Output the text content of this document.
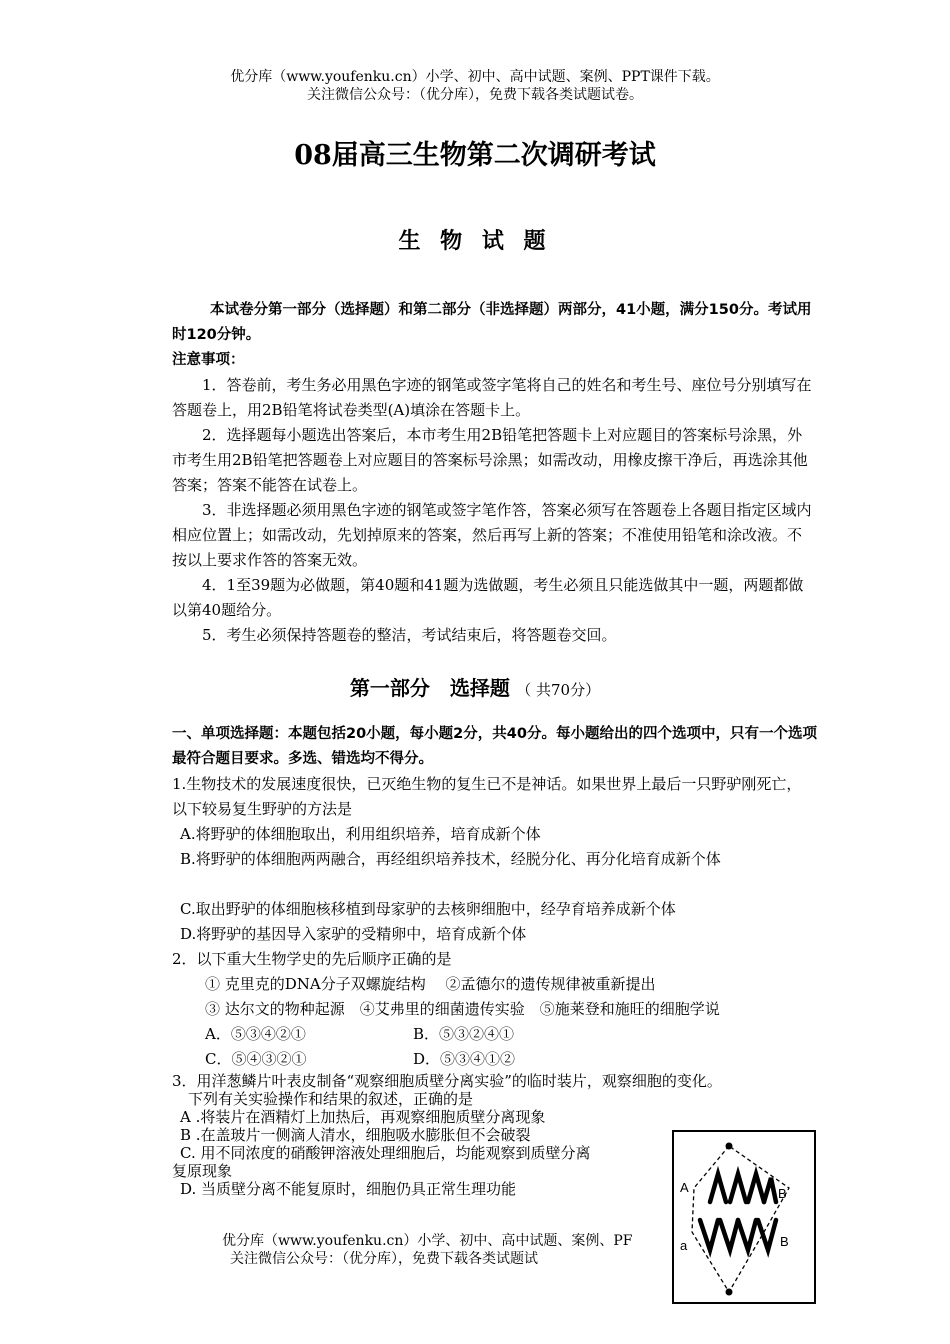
优分库（www.youfenku.cn）小学、初中、高中试题、案例、PPT课件下载。
关注微信公众号：（优分库），免费下载各类试题试卷。
08届高三生物第二次调研考试
生 物 试 题
本试卷分第一部分（选择题）和第二部分（非选择题）两部分，41小题，满分150分。考试用时120分钟。
注意事项：
1．答卷前，考生务必用黑色字迹的钢笔或签字笔将自己的姓名和考生号、座位号分别填写在答题卷上，用2B铅笔将试卷类型(A)填涂在答题卡上。
2．选择题每小题选出答案后，本市考生用2B铅笔把答题卡上对应题目的答案标号涂黑，外市考生用2B铅笔把答题卷上对应题目的答案标号涂黑；如需改动，用橡皮擦干净后，再选涂其他答案；答案不能答在试卷上。
3．非选择题必须用黑色字迹的钢笔或签字笔作答，答案必须写在答题卷上各题目指定区域内相应位置上；如需改动，先划掉原来的答案，然后再写上新的答案；不准使用铅笔和涂改液。不按以上要求作答的答案无效。
4．1至39题为必做题，第40题和41题为选做题，考生必须且只能选做其中一题，两题都做以第40题给分。
5．考生必须保持答题卷的整洁，考试结束后，将答题卷交回。
第一部分　选择题 （ 共70分）
一、单项选择题：本题包括20小题，每小题2分，共40分。每小题给出的四个选项中，只有一个选项最符合题目要求。多选、错选均不得分。
1.生物技术的发展速度很快，已灭绝生物的复生已不是神话。如果世界上最后一只野驴刚死亡，以下较易复生野驴的方法是
A.将野驴的体细胞取出，利用组织培养，培育成新个体
B.将野驴的体细胞两两融合，再经组织培养技术，经脱分化、再分化培育成新个体
C.取出野驴的体细胞核移植到母家驴的去核卵细胞中，经孕育培养成新个体
D.将野驴的基因导入家驴的受精卵中，培育成新个体
2．以下重大生物学史的先后顺序正确的是
① 克里克的DNA分子双螺旋结构　 ②孟德尔的遗传规律被重新提出
③ 达尔文的物种起源　④艾弗里的细菌遗传实验　⑤施莱登和施旺的细胞学说
A．⑤③④②①	B．⑤③②④①
C．⑤④③②①	D．⑤③④①②
3．用洋葱鳞片叶表皮制备“观察细胞质壁分离实验”的临时装片，观察细胞的变化。
下列有关实验操作和结果的叙述，正确的是
A .将装片在酒精灯上加热后，再观察细胞质壁分离现象
B .在盖玻片一侧滴人清水，细胞吸水膨胀但不会破裂
C. 用不同浓度的硝酸钾溶液处理细胞后，均能观察到质壁分离
复原现象
D. 当质壁分离不能复原时，细胞仍具正常生理功能	A	B
a	B
优分库（www.youfenku.cn）小学、初中、高中试题、案例、PF
关注微信公众号：（优分库），免费下载各类试题试
